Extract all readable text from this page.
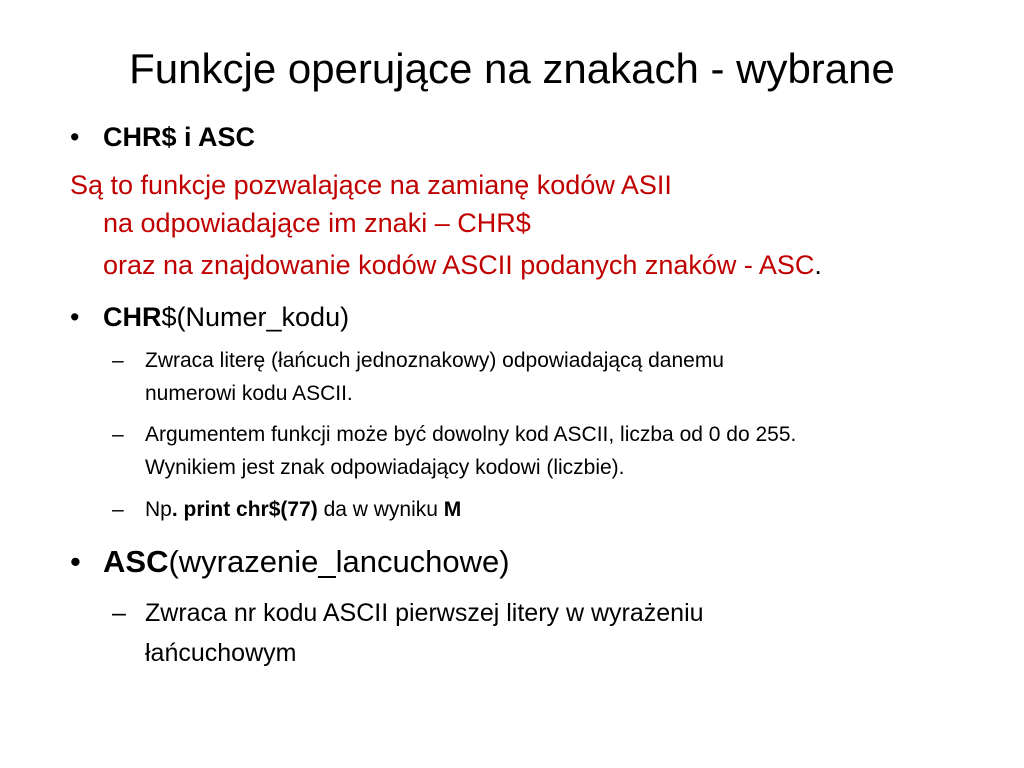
Funkcje operujące na znakach - wybrane
• CHR$ i ASC
Są to funkcje pozwalające na zamianę kodów ASII
na odpowiadające im znaki – CHR$
oraz na znajdowanie kodów ASCII podanych znaków - ASC.
• CHR$(Numer_kodu)
– Zwraca literę (łańcuch jednoznakowy) odpowiadającą danemu
numerowi kodu ASCII.
– Argumentem funkcji może być dowolny kod ASCII, liczba od 0 do 255.
Wynikiem jest znak odpowiadający kodowi (liczbie).
– Np. print chr$(77) da w wyniku M
• ASC(wyrazenie_lancuchowe)
– Zwraca nr kodu ASCII pierwszej litery w wyrażeniu
łańcuchowym
